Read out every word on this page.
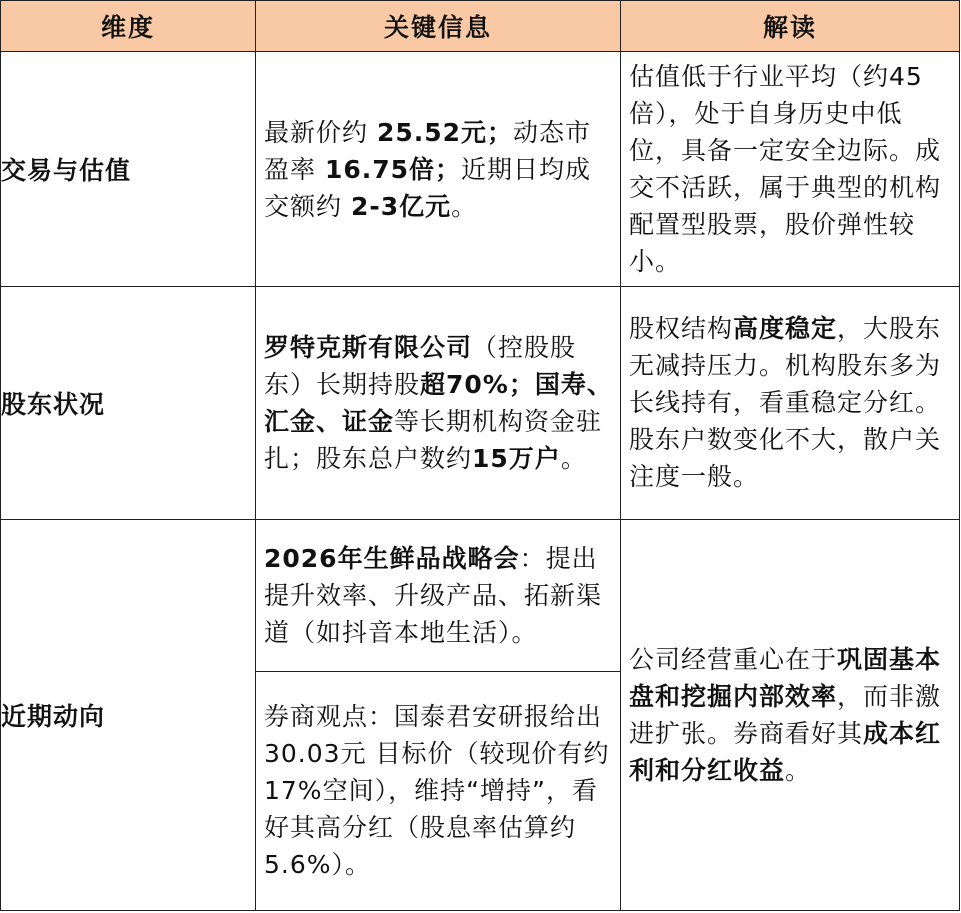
维度	关键信息	解读
交易与估值	最新价约 25.52元；动态市盈率 16.75倍；近期日均成交额约 2-3亿元。	估值低于行业平均（约45倍），处于自身历史中低位，具备一定安全边际。成交不活跃，属于典型的机构配置型股票，股价弹性较小。

股东状况	罗特克斯有限公司（控股股东）长期持股超70%；国寿、汇金、证金等长期机构资金驻扎；股东总户数约15万户。	股权结构高度稳定，大股东无减持压力。机构股东多为长线持有，看重稳定分红。股东户数变化不大，散户关注度一般。

近期动向	2026年生鲜品战略会：提出提升效率、升级产品、拓新渠道（如抖音本地生活）。	公司经营重心在于巩固基本盘和挖掘内部效率，而非激进扩张。券商看好其成本红利和分红收益。

	券商观点：国泰君安研报给出 30.03元 目标价（较现价有约17%空间），维持“增持”，看好其高分红（股息率估算约5.6%）。	
